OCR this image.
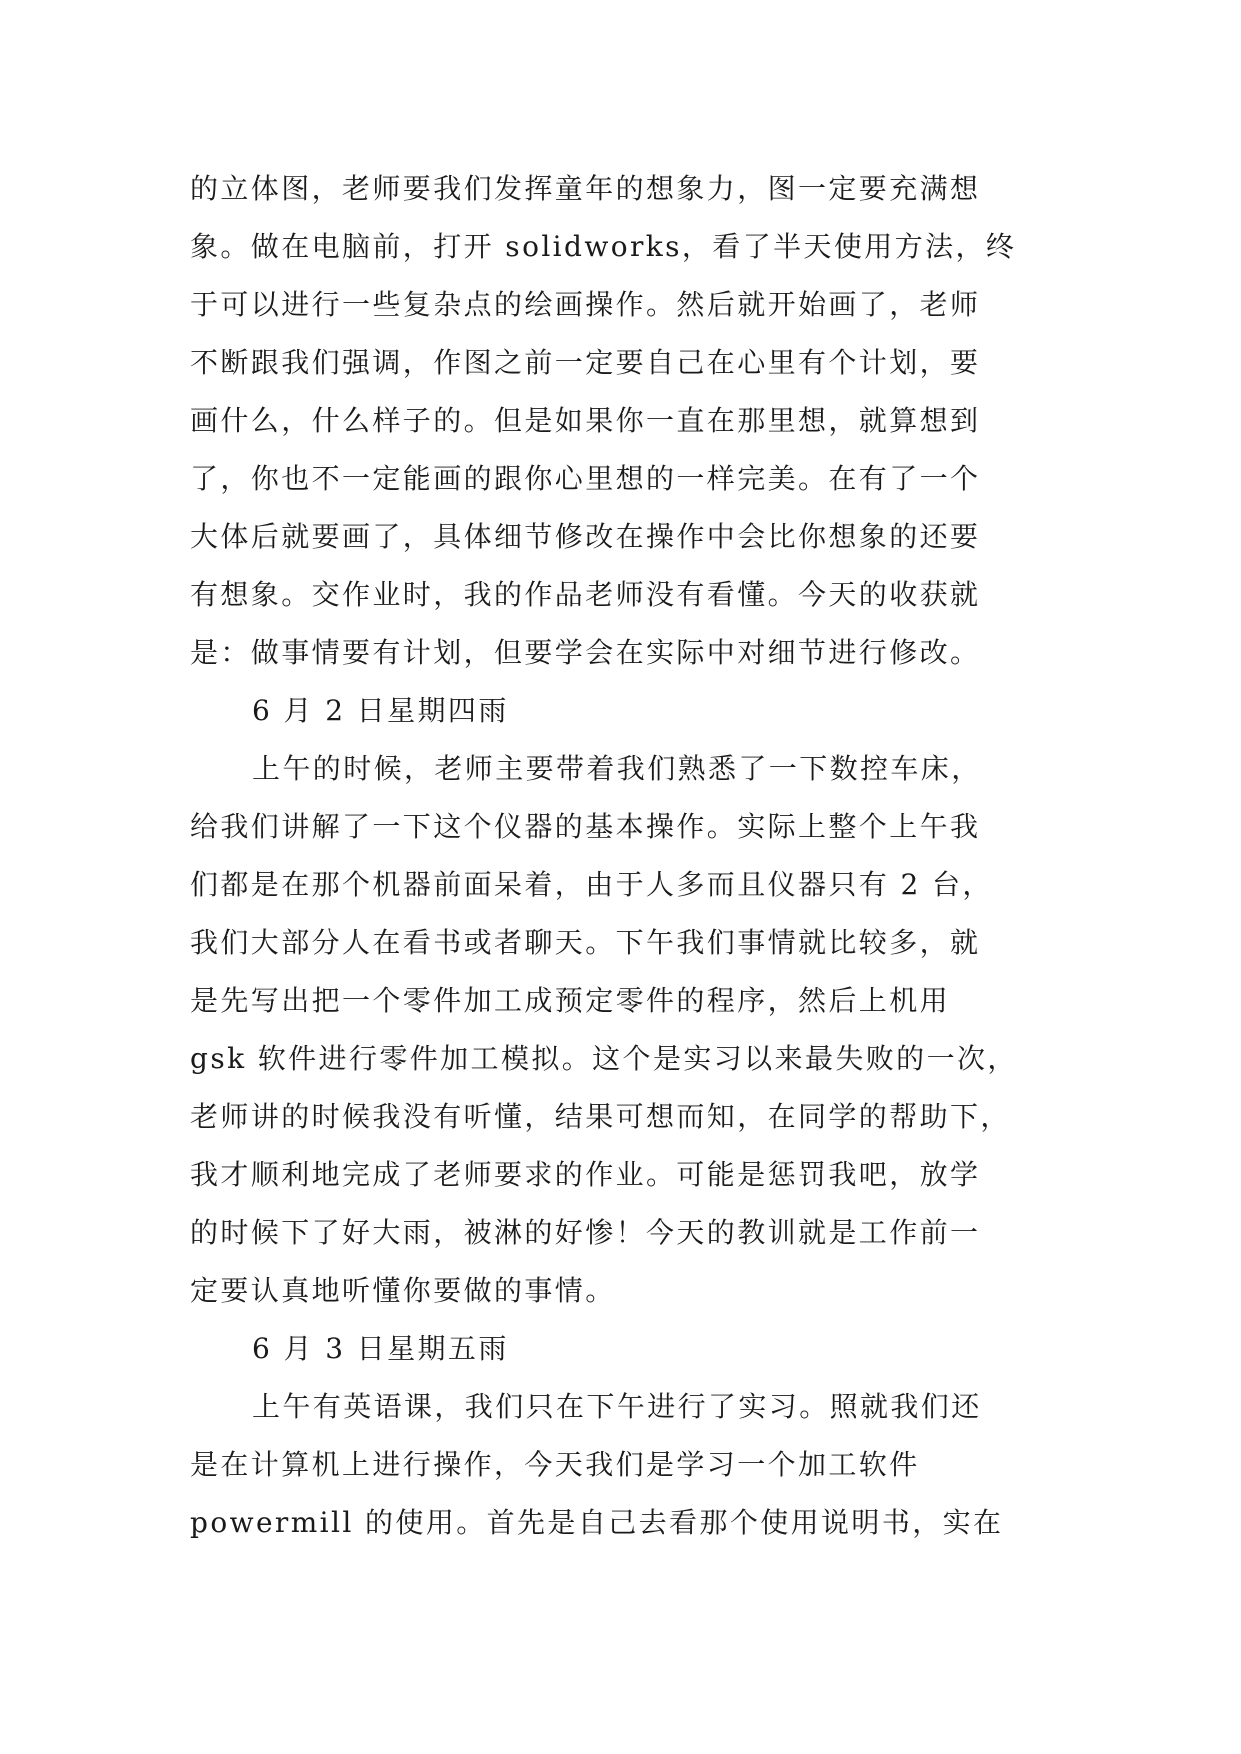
的立体图，老师要我们发挥童年的想象力，图一定要充满想
象。做在电脑前，打开 solidworks，看了半天使用方法，终
于可以进行一些复杂点的绘画操作。然后就开始画了，老师
不断跟我们强调，作图之前一定要自己在心里有个计划，要
画什么，什么样子的。但是如果你一直在那里想，就算想到
了，你也不一定能画的跟你心里想的一样完美。在有了一个
大体后就要画了，具体细节修改在操作中会比你想象的还要
有想象。交作业时，我的作品老师没有看懂。今天的收获就
是：做事情要有计划，但要学会在实际中对细节进行修改。
6 月 2 日星期四雨
上午的时候，老师主要带着我们熟悉了一下数控车床，
给我们讲解了一下这个仪器的基本操作。实际上整个上午我
们都是在那个机器前面呆着，由于人多而且仪器只有 2 台，
我们大部分人在看书或者聊天。下午我们事情就比较多，就
是先写出把一个零件加工成预定零件的程序，然后上机用
gsk 软件进行零件加工模拟。这个是实习以来最失败的一次，
老师讲的时候我没有听懂，结果可想而知，在同学的帮助下，
我才顺利地完成了老师要求的作业。可能是惩罚我吧，放学
的时候下了好大雨，被淋的好惨！今天的教训就是工作前一
定要认真地听懂你要做的事情。
6 月 3 日星期五雨
上午有英语课，我们只在下午进行了实习。照就我们还
是在计算机上进行操作，今天我们是学习一个加工软件
powermill 的使用。首先是自己去看那个使用说明书，实在
